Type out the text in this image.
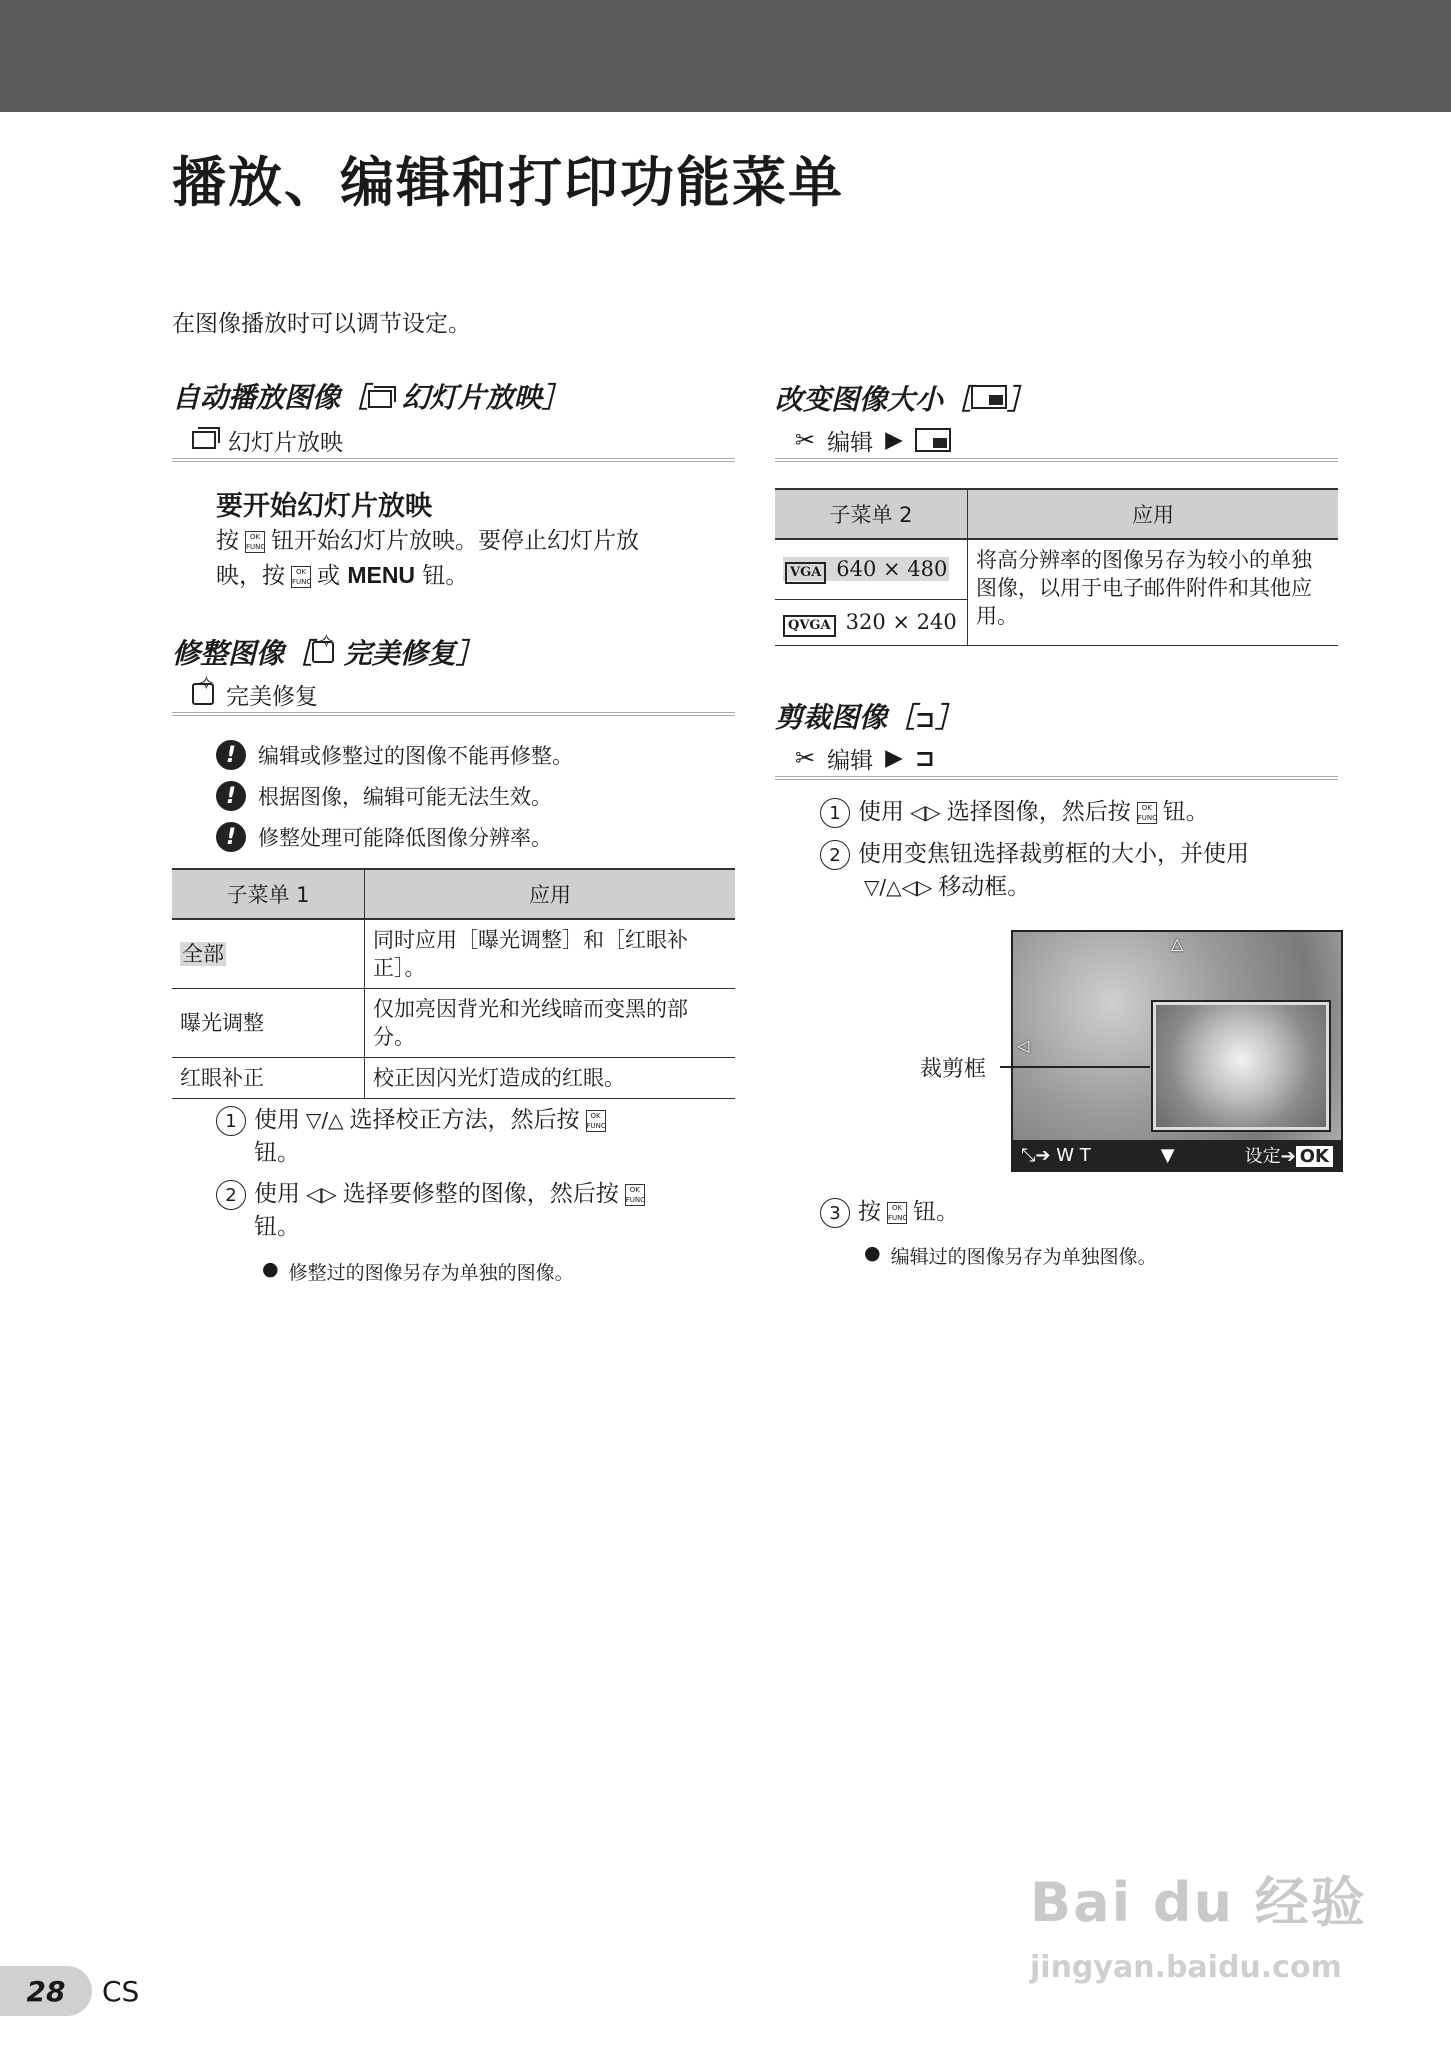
播放、编辑和打印功能菜单

在图像播放时可以调节设定。

自动播放图像［ 幻灯片放映］
幻灯片放映
要开始幻灯片放映

按 OK FUNC 钮开始幻灯片放映。要停止幻灯片放
映，按 OK FUNC 或 MENU 钮。

修整图像［✧ 完美修复］
✧
完美修复
!	编辑或修整过的图像不能再修整。
!	根据图像，编辑可能无法生效。
!	修整处理可能降低图像分辨率。
子菜单 1	应用
全部	同时应用［曝光调整］和［红眼补正］。
曝光调整	仅加亮因背光和光线暗而变黑的部分。
红眼补正	校正因闪光灯造成的红眼。
1 使用 ▽/△ 选择校正方法，然后按 OK FUNC
钮。
2 使用 ◁▷ 选择要修整的图像，然后按 OK FUNC
钮。
● 修整过的图像另存为单独的图像。
改变图像大小［ ］
✂ 编辑 ▶
子菜单 2	应用
VGA 640 × 480	将高分辨率的图像另存为较小的单独图像，以用于电子邮件附件和其他应用。
QVGA 320 × 240	
剪裁图像［⊐］
✂ 编辑 ▶ ⊐
1 使用 ◁▷ 选择图像，然后按 OK FUNC 钮。
2 使用变焦钮选择裁剪框的大小，并使用
▽/△◁▷ 移动框。
△
◁
⤡➔ W T	▼	设定➔ OK
裁剪框
3 按 OK FUNC 钮。
● 编辑过的图像另存为单独图像。
28	CS
Bai du 经验
jingyan.baidu.com
